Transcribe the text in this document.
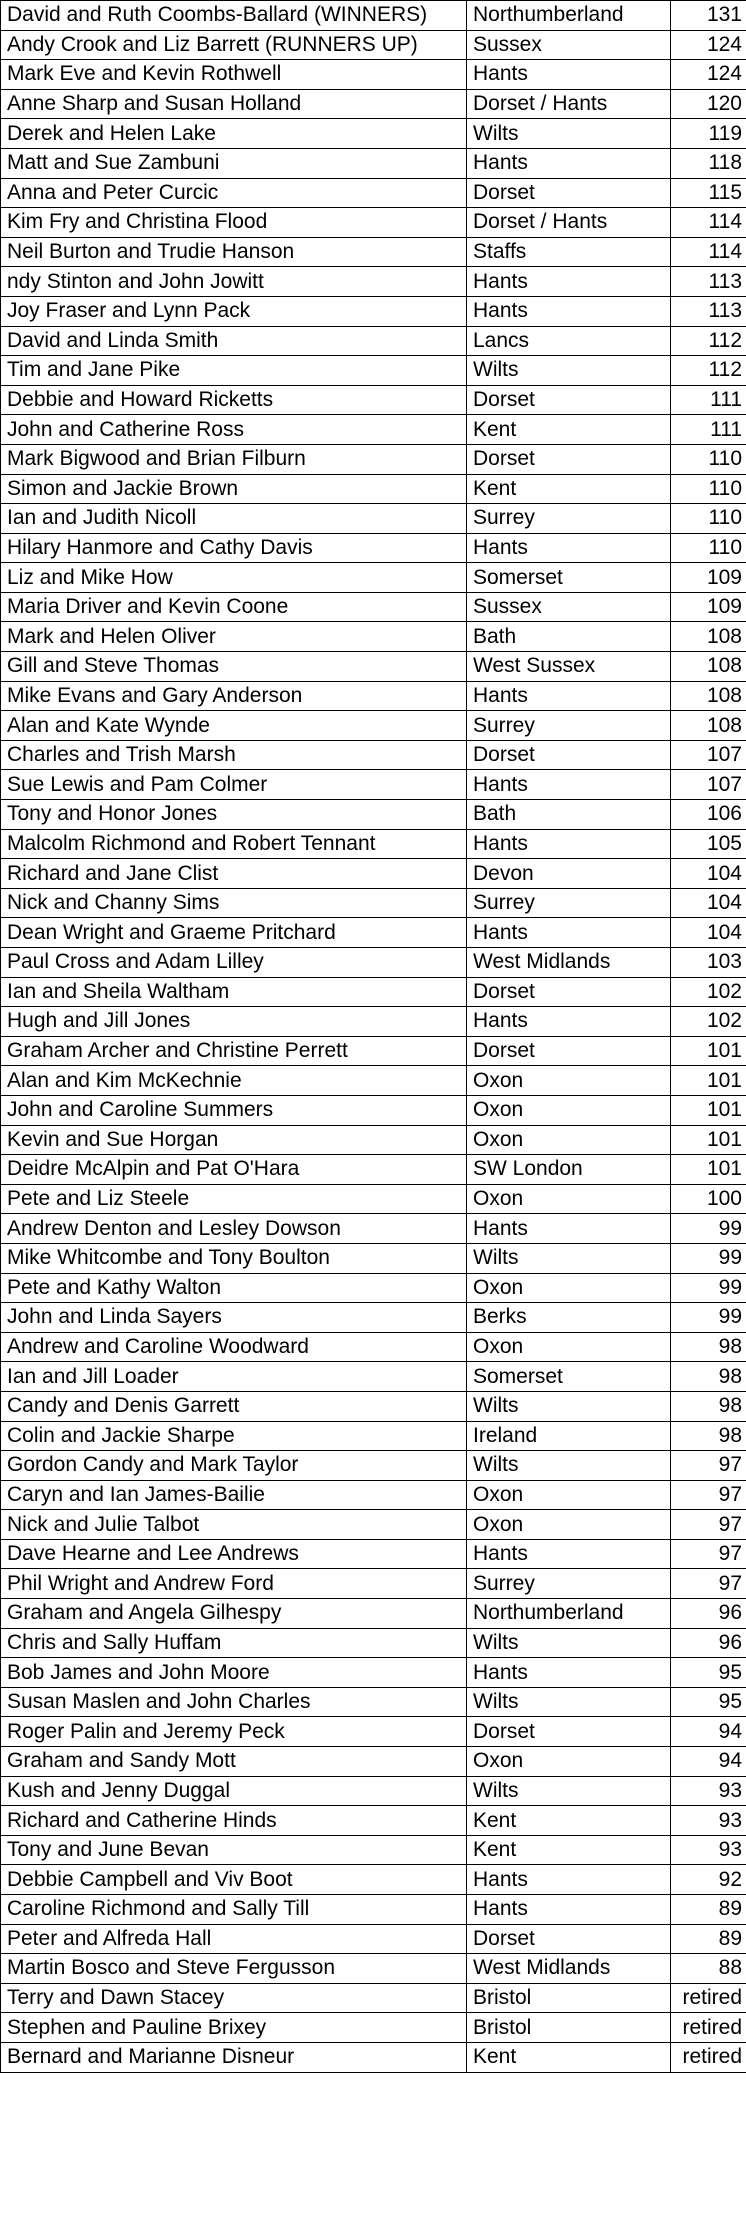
David and Ruth Coombs-Ballard (WINNERS)	Northumberland	131
Andy Crook and Liz Barrett (RUNNERS UP)	Sussex	124
Mark Eve and Kevin Rothwell	Hants	124
Anne Sharp and Susan Holland	Dorset / Hants	120
Derek and Helen Lake	Wilts	119
Matt and Sue Zambuni	Hants	118
Anna and Peter Curcic	Dorset	115
Kim Fry and Christina Flood	Dorset / Hants	114
Neil Burton and Trudie Hanson	Staffs	114
ndy Stinton and John Jowitt	Hants	113
Joy Fraser and Lynn Pack	Hants	113
David and Linda Smith	Lancs	112
Tim and Jane Pike	Wilts	112
Debbie and Howard Ricketts	Dorset	111
John and Catherine Ross	Kent	111
Mark Bigwood and Brian Filburn	Dorset	110
Simon and Jackie Brown	Kent	110
Ian and Judith Nicoll	Surrey	110
Hilary Hanmore and Cathy Davis	Hants	110
Liz and Mike How	Somerset	109
Maria Driver and Kevin Coone	Sussex	109
Mark and Helen Oliver	Bath	108
Gill and Steve Thomas	West Sussex	108
Mike Evans and Gary Anderson	Hants	108
Alan and Kate Wynde	Surrey	108
Charles and Trish Marsh	Dorset	107
Sue Lewis and Pam Colmer	Hants	107
Tony and Honor Jones	Bath	106
Malcolm Richmond and Robert Tennant	Hants	105
Richard and Jane Clist	Devon	104
Nick and Channy Sims	Surrey	104
Dean Wright and Graeme Pritchard	Hants	104
Paul Cross and Adam Lilley	West Midlands	103
Ian and Sheila Waltham	Dorset	102
Hugh and Jill Jones	Hants	102
Graham Archer and Christine Perrett	Dorset	101
Alan and Kim McKechnie	Oxon	101
John and Caroline Summers	Oxon	101
Kevin and Sue Horgan	Oxon	101
Deidre McAlpin and Pat O'Hara	SW London	101
Pete and Liz Steele	Oxon	100
Andrew Denton and Lesley Dowson	Hants	99
Mike Whitcombe and Tony Boulton	Wilts	99
Pete and Kathy Walton	Oxon	99
John and Linda Sayers	Berks	99
Andrew and Caroline Woodward	Oxon	98
Ian and Jill Loader	Somerset	98
Candy and Denis Garrett	Wilts	98
Colin and Jackie Sharpe	Ireland	98
Gordon Candy and Mark Taylor	Wilts	97
Caryn and Ian James-Bailie	Oxon	97
Nick and Julie Talbot	Oxon	97
Dave Hearne and Lee Andrews	Hants	97
Phil Wright and Andrew Ford	Surrey	97
Graham and Angela Gilhespy	Northumberland	96
Chris and Sally Huffam	Wilts	96
Bob James and John Moore	Hants	95
Susan Maslen and John Charles	Wilts	95
Roger Palin and Jeremy Peck	Dorset	94
Graham and Sandy Mott	Oxon	94
Kush and Jenny Duggal	Wilts	93
Richard and Catherine Hinds	Kent	93
Tony and June Bevan	Kent	93
Debbie Campbell and Viv Boot	Hants	92
Caroline Richmond and Sally Till	Hants	89
Peter and Alfreda Hall	Dorset	89
Martin Bosco and Steve Fergusson	West Midlands	88
Terry and Dawn Stacey	Bristol	retired
Stephen and Pauline Brixey	Bristol	retired
Bernard and Marianne Disneur	Kent	retired
